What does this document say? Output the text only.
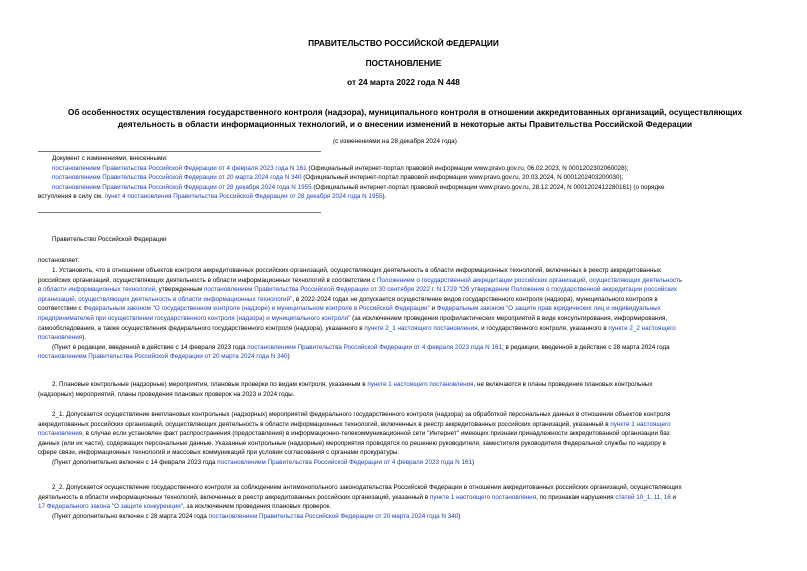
ПРАВИТЕЛЬСТВО РОССИЙСКОЙ ФЕДЕРАЦИИ
ПОСТАНОВЛЕНИЕ
от 24 марта 2022 года N 448
Об особенностях осуществления государственного контроля (надзора), муниципального контроля в отношении аккредитованных организаций, осуществляющих
деятельность в области информационных технологий, и о внесении изменений в некоторые акты Правительства Российской Федерации
(с изменениями на 28 декабря 2024 года)
Документ с изменениями, внесенными:
постановлением Правительства Российской Федерации от 4 февраля 2023 года N 161 (Официальный интернет-портал правовой информации www.pravo.gov.ru, 06.02.2023, N 0001202302060028);
постановлением Правительства Российской Федерации от 20 марта 2024 года N 340 (Официальный интернет-портал правовой информации www.pravo.gov.ru, 20.03.2024, N 0001202403200030);
постановлением Правительства Российской Федерации от 28 декабря 2024 года N 1955 (Официальный интернет-портал правовой информации www.pravo.gov.ru, 28.12.2024, N 0001202412280161) (о порядке
вступления в силу см. пункт 4 постановления Правительства Российской Федерации от 28 декабря 2024 года N 1955).
Правительство Российской Федерации
постановляет:
1. Установить, что в отношении объектов контроля аккредитованных российских организаций, осуществляющих деятельность в области информационных технологий, включенных в реестр аккредитованных
российских организаций, осуществляющих деятельность в области информационных технологий в соответствии с Положением о государственной аккредитации российских организаций, осуществляющих деятельность
в области информационных технологий, утвержденным постановлением Правительства Российской Федерации от 30 сентября 2022 г. N 1729 "Об утверждении Положения о государственной аккредитации российских
организаций, осуществляющих деятельность в области информационных технологий", в 2022-2024 годах не допускается осуществление видов государственного контроля (надзора), муниципального контроля в
соответствии с Федеральным законом "О государственном контроле (надзоре) и муниципальном контроле в Российской Федерации" и Федеральным законом "О защите прав юридических лиц и индивидуальных
предпринимателей при осуществлении государственного контроля (надзора) и муниципального контроля" (за исключением проведения профилактических мероприятий в виде консультирования, информирования,
самообследования, а также осуществления федерального государственного контроля (надзора), указанного в пункте 2_1 настоящего постановления, и государственного контроля, указанного в пункте 2_2 настоящего
постановления).
(Пункт в редакции, введенной в действие с 14 февраля 2023 года постановлением Правительства Российской Федерации от 4 февраля 2023 года N 161; в редакции, введенной в действие с 28 марта 2024 года
постановлением Правительства Российской Федерации от 20 марта 2024 года N 340)
2. Плановые контрольные (надзорные) мероприятия, плановые проверки по видам контроля, указанным в пункте 1 настоящего постановления, не включаются в планы проведения плановых контрольных
(надзорных) мероприятий, планы проведения плановых проверок на 2023 и 2024 годы.
2_1. Допускается осуществление внеплановых контрольных (надзорных) мероприятий федерального государственного контроля (надзора) за обработкой персональных данных в отношении объектов контроля
аккредитованных российских организаций, осуществляющих деятельность в области информационных технологий, включенных в реестр аккредитованных российских организаций, указанный в пункте 1 настоящего
постановления, в случае если установлен факт распространения (предоставления) в информационно-телекоммуникационной сети "Интернет" имеющих признаки принадлежности аккредитованной организации баз
данных (или их части), содержащих персональные данные. Указанные контрольные (надзорные) мероприятия проводятся по решению руководителя, заместителя руководителя Федеральной службы по надзору в
сфере связи, информационных технологий и массовых коммуникаций при условии согласования с органами прокуратуры.
(Пункт дополнительно включен с 14 февраля 2023 года постановлением Правительства Российской Федерации от 4 февраля 2023 года N 161)
2_2. Допускается осуществление государственного контроля за соблюдением антимонопольного законодательства Российской Федерации в отношении аккредитованных российских организаций, осуществляющих
деятельность в области информационных технологий, включенных в реестр аккредитованных российских организаций, указанный в пункте 1 настоящего постановления, по признакам нарушения статей 10_1, 11, 16 и
17 Федерального закона "О защите конкуренции", за исключением проведения плановых проверок.
(Пункт дополнительно включен с 28 марта 2024 года постановлением Правительства Российской Федерации от 20 марта 2024 года N 340)
